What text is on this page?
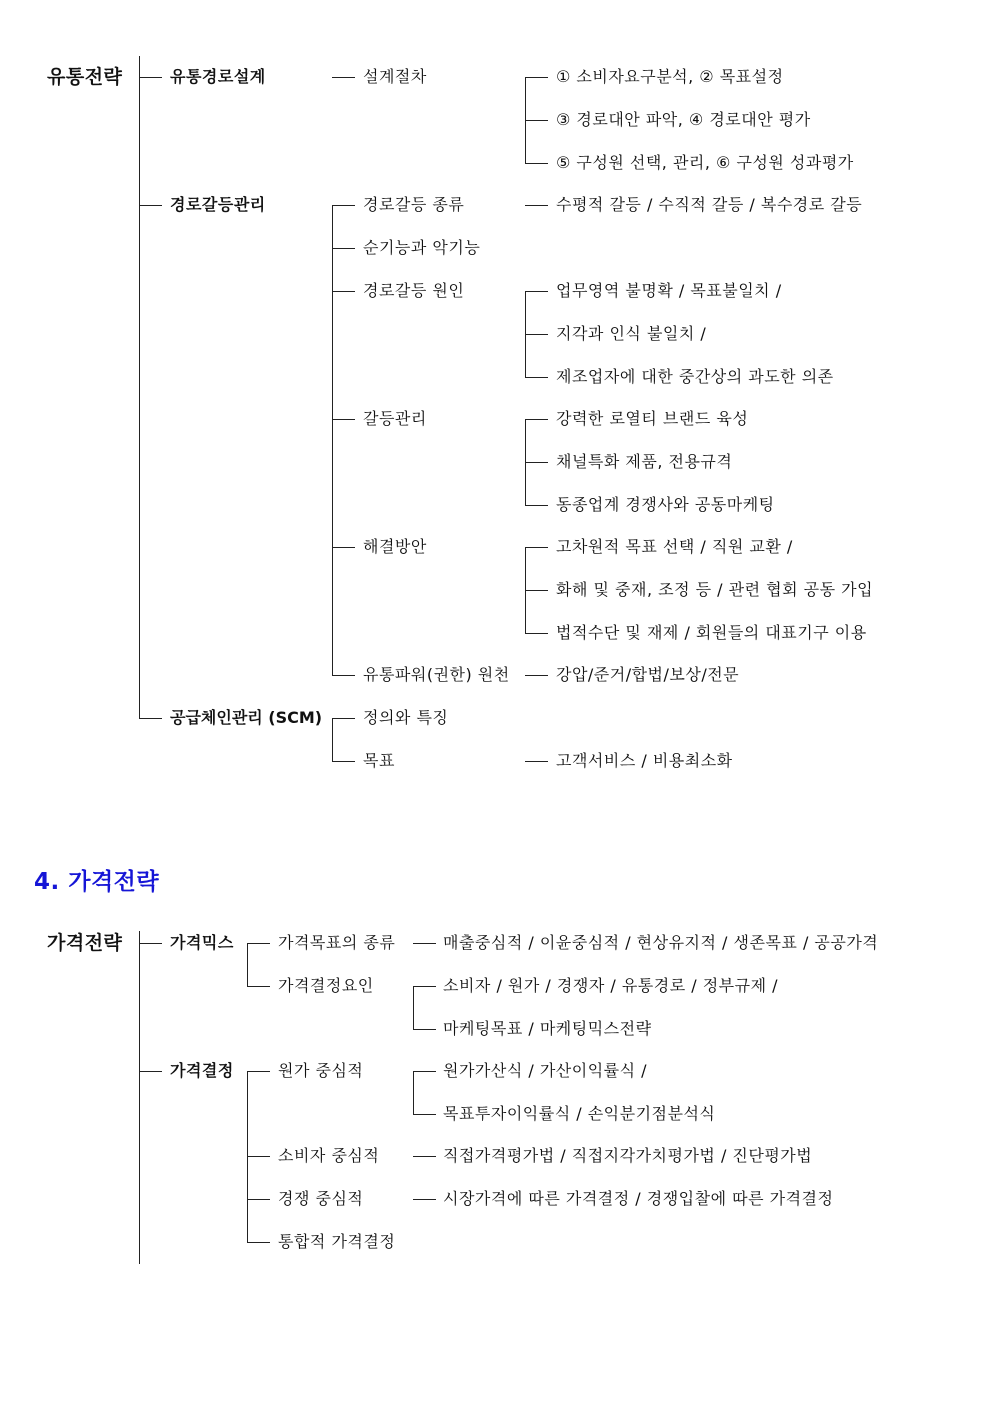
유통전략	유통경로설계	설계절차	① 소비자요구분석, ② 목표설정
③ 경로대안 파악, ④ 경로대안 평가
⑤ 구성원 선택, 관리, ⑥ 구성원 성과평가
경로갈등관리	경로갈등 종류	수평적 갈등 / 수직적 갈등 / 복수경로 갈등
순기능과 악기능
경로갈등 원인	업무영역 불명확 / 목표불일치 /
지각과 인식 불일치 /
제조업자에 대한 중간상의 과도한 의존
갈등관리	강력한 로열티 브랜드 육성
채널특화 제품, 전용규격
동종업계 경쟁사와 공동마케팅
해결방안	고차원적 목표 선택 / 직원 교환 /
화해 및 중재, 조정 등 / 관련 협회 공동 가입
법적수단 및 재제 / 회원들의 대표기구 이용
유통파워(권한) 원천	강압/준거/합법/보상/전문
공급체인관리 (SCM)	정의와 특징
목표	고객서비스 / 비용최소화
4. 가격전략
가격전략	가격믹스	가격목표의 종류	매출중심적 / 이윤중심적 / 현상유지적 / 생존목표 / 공공가격
가격결정요인	소비자 / 원가 / 경쟁자 / 유통경로 / 정부규제 /
마케팅목표 / 마케팅믹스전략
가격결정	원가 중심적	원가가산식 / 가산이익률식 /
목표투자이익률식 / 손익분기점분석식
소비자 중심적	직접가격평가법 / 직접지각가치평가법 / 진단평가법
경쟁 중심적	시장가격에 따른 가격결정 / 경쟁입찰에 따른 가격결정
통합적 가격결정
